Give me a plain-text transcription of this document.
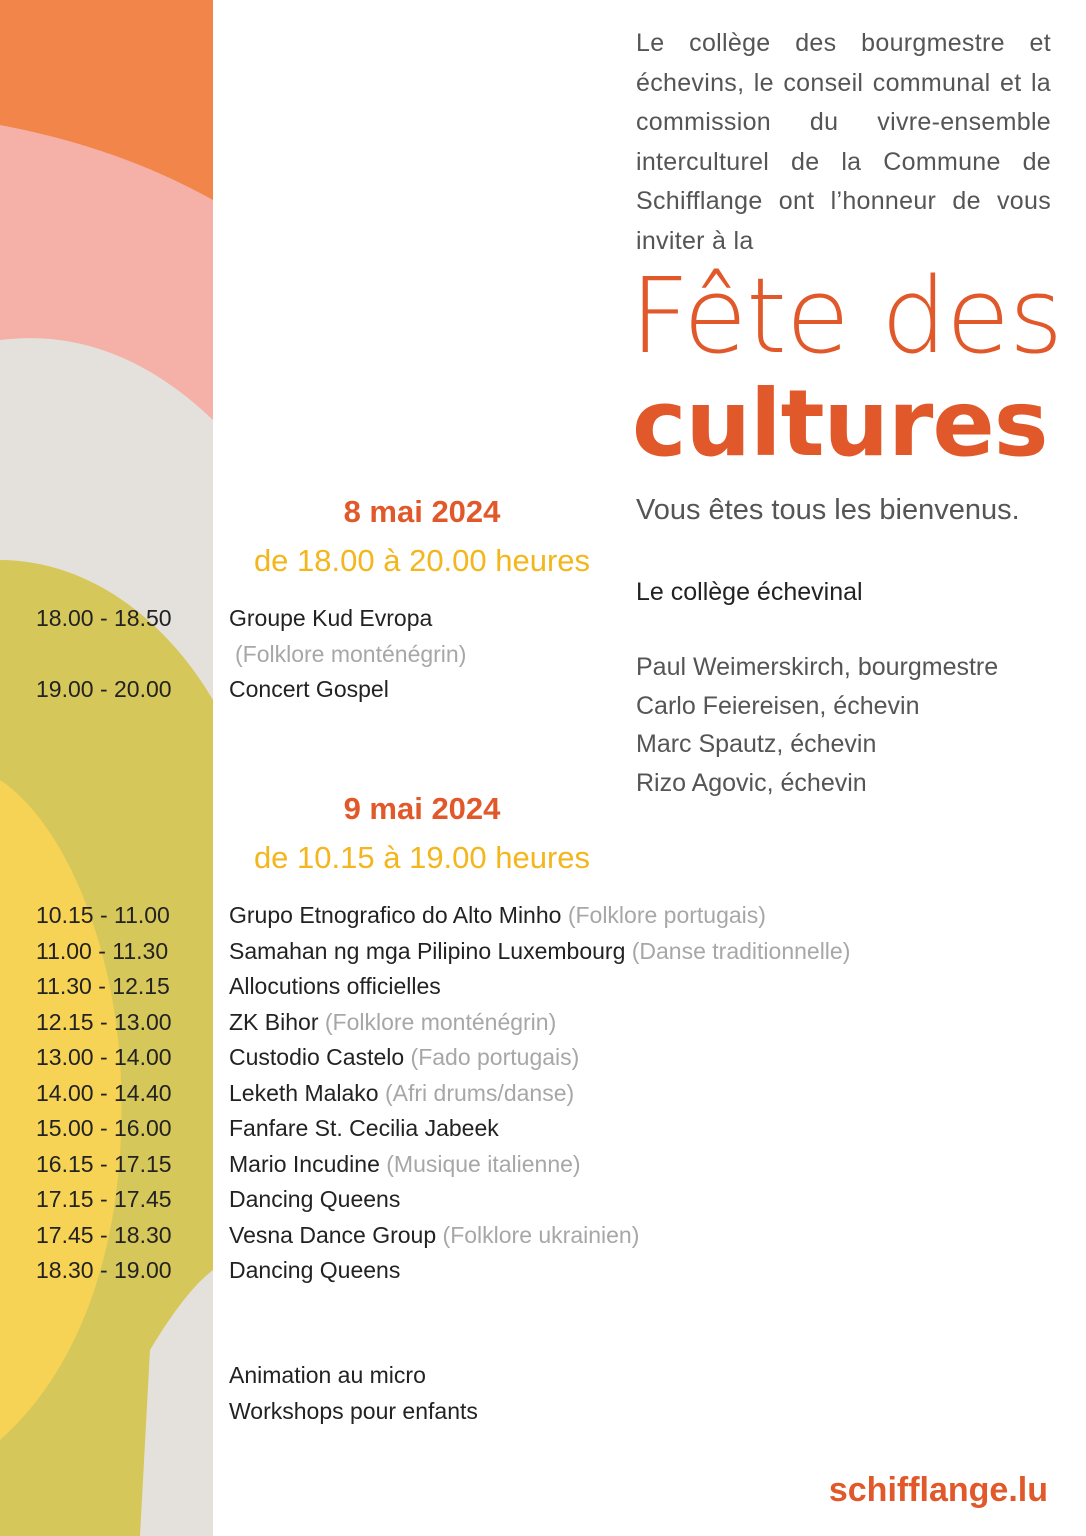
Le collège des bourgmestre et échevins, le conseil communal et la commission du vivre-ensemble interculturel de la Commune de Schifflange ont l’honneur de vous inviter à la
Fête des
cultures
Vous êtes tous les bienvenus.
Le collège échevinal
Paul Weimerskirch, bourgmestre
Carlo Feiereisen, échevin
Marc Spautz, échevin
Rizo Agovic, échevin
8 mai 2024
de 18.00 à 20.00 heures
18.00 - 18.50 Groupe Kud Evropa
(Folklore monténégrin)
19.00 - 20.00 Concert Gospel
9 mai 2024
de 10.15 à 19.00 heures
10.15 - 11.00	Grupo Etnografico do Alto Minho (Folklore portugais)
11.00 - 11.30	Samahan ng mga Pilipino Luxembourg (Danse traditionnelle)
11.30 - 12.15	Allocutions officielles
12.15 - 13.00 ZK Bihor (Folklore monténégrin)
13.00 - 14.00 Custodio Castelo (Fado portugais)
14.00 - 14.40 Leketh Malako (Afri drums/danse)
15.00 - 16.00 Fanfare St. Cecilia Jabeek
16.15 - 17.15 Mario Incudine (Musique italienne)
17.15 - 17.45 Dancing Queens
17.45 - 18.30 Vesna Dance Group (Folklore ukrainien)
18.30 - 19.00 Dancing Queens
Animation au micro
Workshops pour enfants
schifflange.lu
